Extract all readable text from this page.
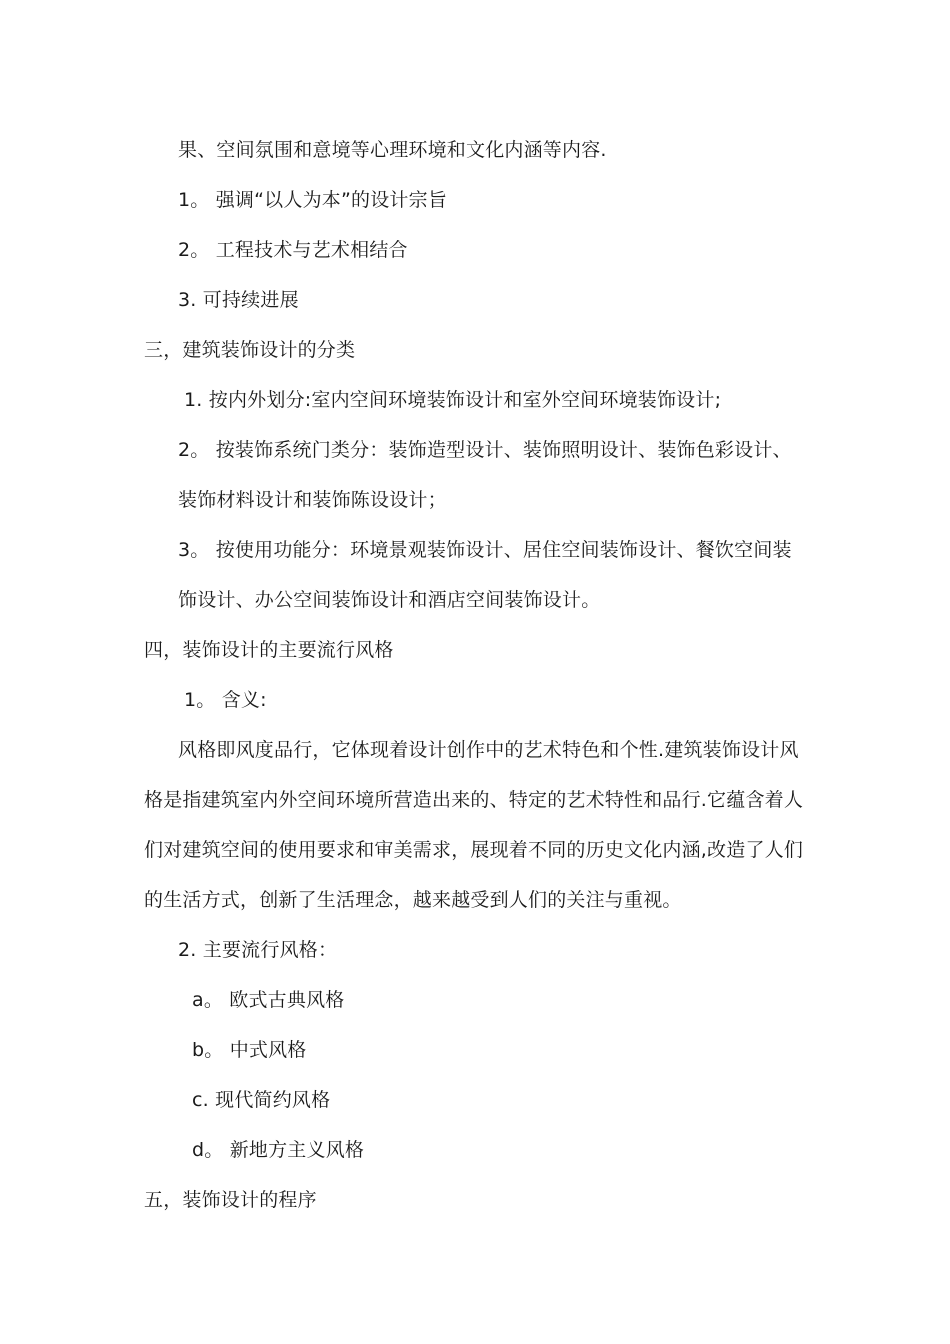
果、空间氛围和意境等心理环境和文化内涵等内容.
1。 强调“以人为本”的设计宗旨
2。 工程技术与艺术相结合
3. 可持续进展
三，建筑装饰设计的分类
1. 按内外划分:室内空间环境装饰设计和室外空间环境装饰设计;
2。 按装饰系统门类分：装饰造型设计、装饰照明设计、装饰色彩设计、
装饰材料设计和装饰陈设设计；
3。 按使用功能分：环境景观装饰设计、居住空间装饰设计、餐饮空间装
饰设计、办公空间装饰设计和酒店空间装饰设计。
四，装饰设计的主要流行风格
1。 含义:
风格即风度品行，它体现着设计创作中的艺术特色和个性.建筑装饰设计风
格是指建筑室内外空间环境所营造出来的、特定的艺术特性和品行.它蕴含着人
们对建筑空间的使用要求和审美需求，展现着不同的历史文化内涵,改造了人们
的生活方式，创新了生活理念，越来越受到人们的关注与重视。
2. 主要流行风格：
a。 欧式古典风格
b。 中式风格
c. 现代简约风格
d。 新地方主义风格
五，装饰设计的程序
